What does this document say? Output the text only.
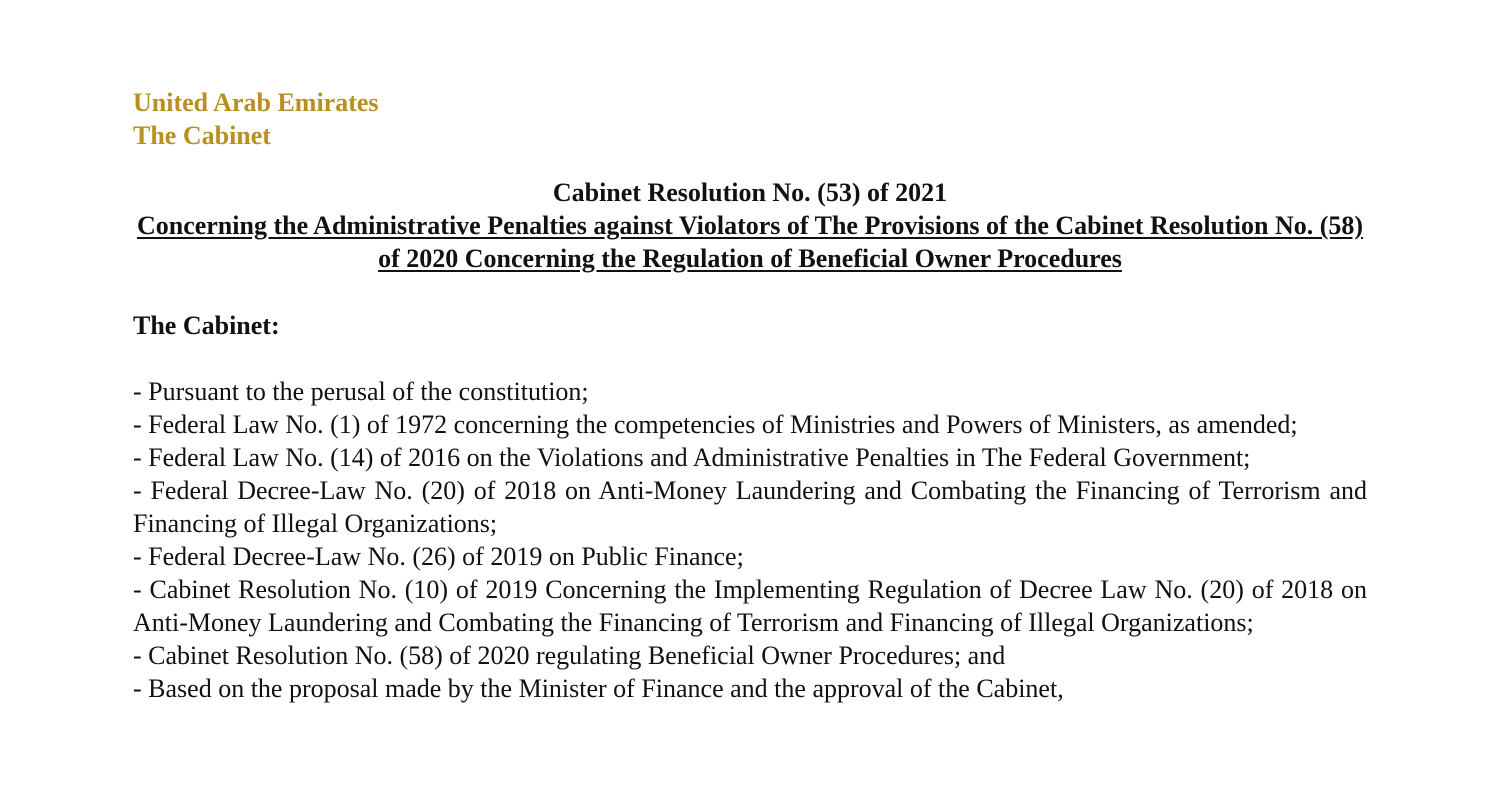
United Arab Emirates
The Cabinet
Cabinet Resolution No. (53) of 2021
Concerning the Administrative Penalties against Violators of The Provisions of the Cabinet Resolution No. (58) of 2020 Concerning the Regulation of Beneficial Owner Procedures
The Cabinet:
- Pursuant to the perusal of the constitution;
- Federal Law No. (1) of 1972 concerning the competencies of Ministries and Powers of Ministers, as amended;
- Federal Law No. (14) of 2016 on the Violations and Administrative Penalties in The Federal Government;
- Federal Decree-Law No. (20) of 2018 on Anti-Money Laundering and Combating the Financing of Terrorism and Financing of Illegal Organizations;
- Federal Decree-Law No. (26) of 2019 on Public Finance;
- Cabinet Resolution No. (10) of 2019 Concerning the Implementing Regulation of Decree Law No. (20) of 2018 on Anti-Money Laundering and Combating the Financing of Terrorism and Financing of Illegal Organizations;
- Cabinet Resolution No. (58) of 2020 regulating Beneficial Owner Procedures; and
- Based on the proposal made by the Minister of Finance and the approval of the Cabinet,
